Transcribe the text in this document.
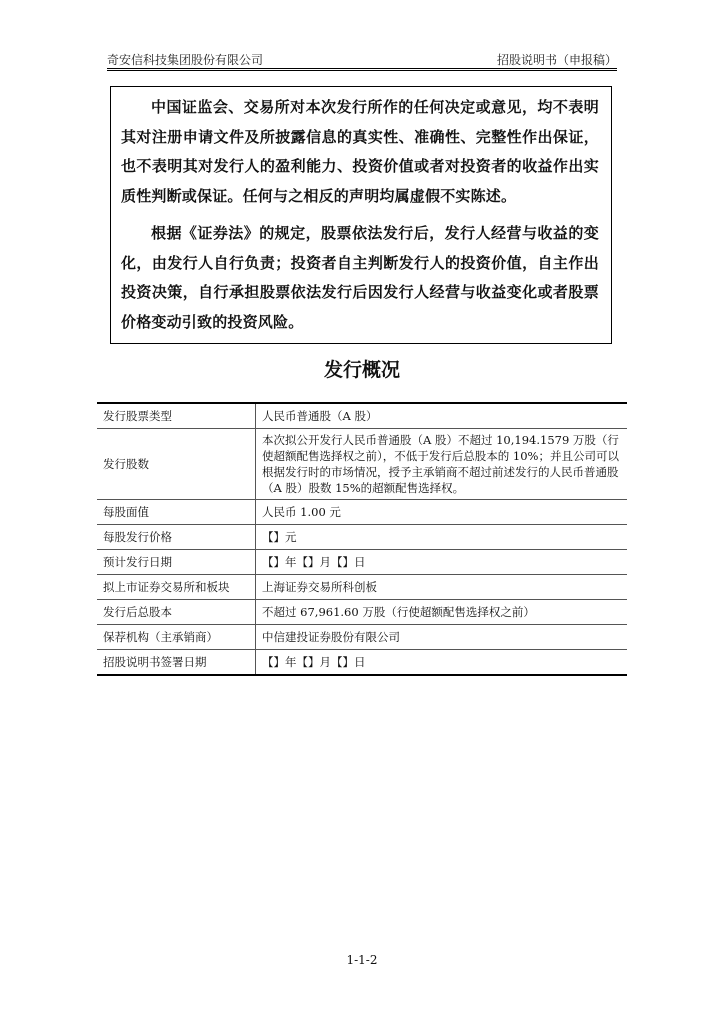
奇安信科技集团股份有限公司	招股说明书（申报稿）

中国证监会、交易所对本次发行所作的任何决定或意见，均不表明其对注册申请文件及所披露信息的真实性、准确性、完整性作出保证，也不表明其对发行人的盈利能力、投资价值或者对投资者的收益作出实质性判断或保证。任何与之相反的声明均属虚假不实陈述。

根据《证券法》的规定，股票依法发行后，发行人经营与收益的变化，由发行人自行负责；投资者自主判断发行人的投资价值，自主作出投资决策，自行承担股票依法发行后因发行人经营与收益变化或者股票价格变动引致的投资风险。

发行概况
发行股票类型	人民币普通股（A 股）
发行股数	本次拟公开发行人民币普通股（A 股）不超过 10,194.1579 万股（行使超额配售选择权之前），不低于发行后总股本的 10%；并且公司可以根据发行时的市场情况，授予主承销商不超过前述发行的人民币普通股（A 股）股数 15%的超额配售选择权。
每股面值	人民币 1.00 元
每股发行价格	【】元
预计发行日期	【】年【】月【】日
拟上市证券交易所和板块	上海证券交易所科创板
发行后总股本	不超过 67,961.60 万股（行使超额配售选择权之前）
保荐机构（主承销商）	中信建投证券股份有限公司
招股说明书签署日期	【】年【】月【】日
1-1-2
